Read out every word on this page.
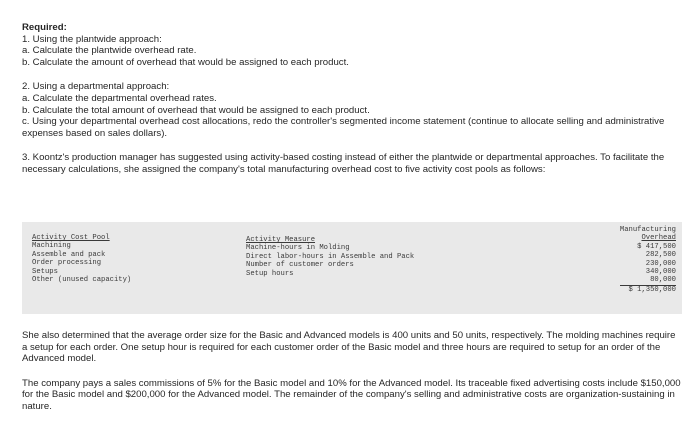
Required:

1. Using the plantwide approach:

a. Calculate the plantwide overhead rate.

b. Calculate the amount of overhead that would be assigned to each product.

2. Using a departmental approach:

a. Calculate the departmental overhead rates.

b. Calculate the total amount of overhead that would be assigned to each product.

c. Using your departmental overhead cost allocations, redo the controller's segmented income statement (continue to allocate selling and administrative expenses based on sales dollars).

3. Koontz's production manager has suggested using activity-based costing instead of either the plantwide or departmental approaches. To facilitate the necessary calculations, she assigned the company's total manufacturing overhead cost to five activity cost pools as follows:

Activity Cost Pool
Machining
Assemble and pack
Order processing
Setups
Other (unused capacity)
Activity Measure
Machine-hours in Molding
Direct labor-hours in Assemble and Pack
Number of customer orders
Setup hours
Manufacturing
Overhead
$ 417,500
282,500
230,000
340,000
80,000
$ 1,350,000

She also determined that the average order size for the Basic and Advanced models is 400 units and 50 units, respectively. The molding machines require a setup for each order. One setup hour is required for each customer order of the Basic model and three hours are required to setup for an order of the Advanced model.

The company pays a sales commissions of 5% for the Basic model and 10% for the Advanced model. Its traceable fixed advertising costs include $150,000 for the Basic model and $200,000 for the Advanced model. The remainder of the company's selling and administrative costs are organization-sustaining in nature.
